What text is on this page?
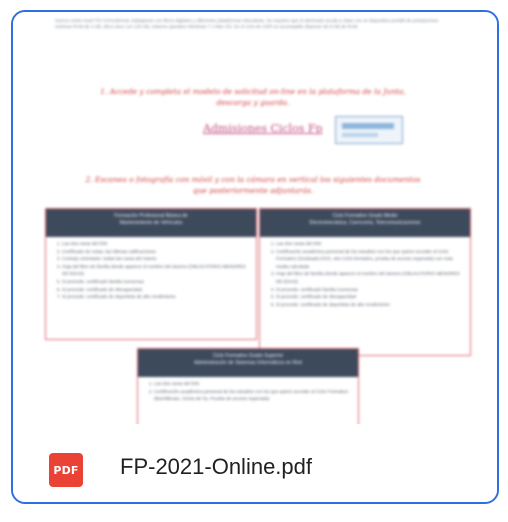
Somos centro tesel TIC 5-Excelencia, trabajamos con libros digitales y diferentes plataformas educativas. Se requiere que el alumnado acuda a clase con un dispositivo portátil de prestaciones mínimas RAM de 4 GB, disco duro con 120 GB, sistema operativo Windows 7 o Mac OS. En el ciclo de ASIR es aconsejable disponer de 8 GB de RAM.

1. Accede y completa el modelo de solicitud on-line en la plataforma de la Junta, descarga y guarda.

Admisiones Ciclos Fp

2. Escanea o fotografía con móvil y con la cámara en vertical los siguientes documentos que posteriormente adjuntarás.

Formación Profesional Básica de
Mantenimiento de Vehículos
1. Las dos caras del DNI
2. Certificado de notas, las últimas calificaciones
3. Consejo orientador: todas las caras del mismo
4. Hoja del libro de familia donde aparece el nombre del alumno (OBLIGATORIO MENORES DE EDAD)
5. Si procede: certificado familia numerosa
6. Si procede: certificado de discapacidad
7. Si procede: certificado de deportista de alto rendimiento
Ciclo Formativo Grado Medio
Electromecánica, Carrocería, Telecomunicaciones
1. Las dos caras del DNI
2. Certificación académica personal de los estudios con los que quiere acceder al Ciclo Formativo (Graduado ESO, otro Ciclo formativo, prueba de acceso superada) con nota media calculada
3. Hoja del libro de familia donde aparece el nombre del alumno (OBLIGATORIO MENORES DE EDAD)
4. Si procede: certificado familia numerosa
5. Si procede: certificado de discapacidad
6. Si procede: certificado de deportista de alto rendimiento
Ciclo Formativo Grado Superior
Administración de Sistemas Informáticos en Red
1. Las dos caras del DNI
2. Certificación académica personal de los estudios con los que quiere acceder al Ciclo Formativo (Bachillerato, Ciclos de Fp, Prueba de acceso superada)
PDF FP-2021-Online.pdf
